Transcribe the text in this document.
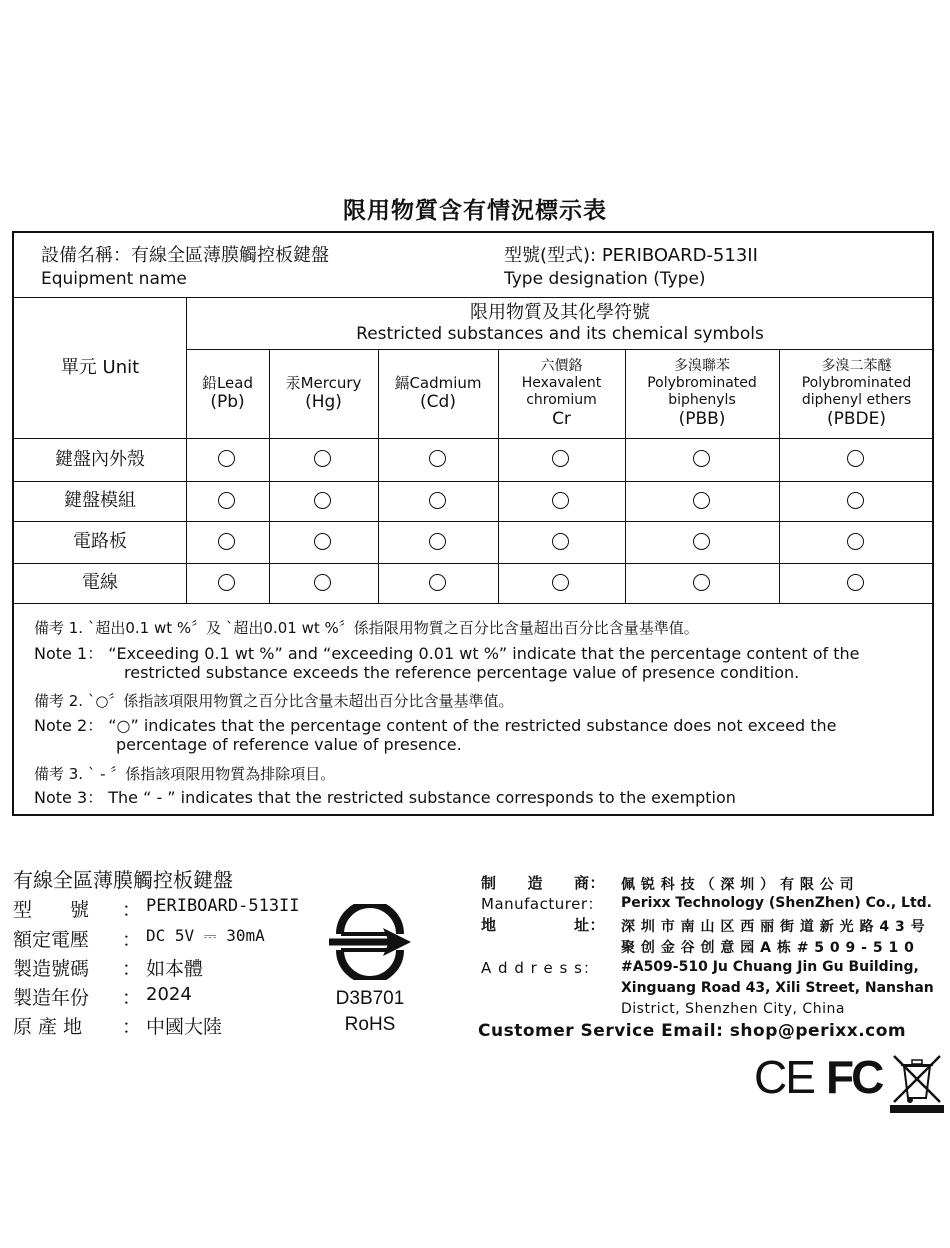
限用物質含有情況標示表
設備名稱：有線全區薄膜觸控板鍵盤
Equipment name
型號(型式): PERIBOARD-513II
Type designation (Type)
單元 Unit
限用物質及其化學符號
Restricted substances and its chemical symbols
鉛Lead
(Pb)
汞Mercury
(Hg)
鎘Cadmium
(Cd)
六價鉻
Hexavalent
chromium
Cr
多溴聯苯
Polybrominated
biphenyls
(PBB)
多溴二苯醚
Polybrominated
diphenyl ethers
(PBDE)
鍵盤內外殼
鍵盤模組
電路板
電線
備考 1. ˋ超出0.1 wt %〞及 ˋ超出0.01 wt %〞係指限用物質之百分比含量超出百分比含量基準值。
Note 1： “Exceeding 0.1 wt %” and “exceeding 0.01 wt %” indicate that the percentage content of the
restricted substance exceeds the reference percentage value of presence condition.
備考 2. ˋ○〞係指該項限用物質之百分比含量未超出百分比含量基準值。
Note 2： “○” indicates that the percentage content of the restricted substance does not exceed the
percentage of reference value of presence.
備考 3. ˋ - 〞係指該項限用物質為排除項目。
Note 3： The “ - ” indicates that the restricted substance corresponds to the exemption
有線全區薄膜觸控板鍵盤
型　　號 ： PERIBOARD-513II
額定電壓 ： DC 5V ⎓ 30mA
製造號碼 ： 如本體
製造年份 ： 2024
原 產 地 ： 中國大陸
D3B701
RoHS
制　　造　　商： 佩 锐 科 技 （ 深 圳 ） 有 限 公 司
Manufacturer： Perixx Technology (ShenZhen) Co., Ltd.
地　　　　　址： 深 圳 市 南 山 区 西 丽 街 道 新 光 路 4 3 号
聚 创 金 谷 创 意 园 A 栋 # 5 0 9 - 5 1 0
A d d r e s s： #A509-510 Ju Chuang Jin Gu Building,
Xinguang Road 43, Xili Street, Nanshan
District, Shenzhen City, China
Customer Service Email: shop@perixx.com
CE FC
